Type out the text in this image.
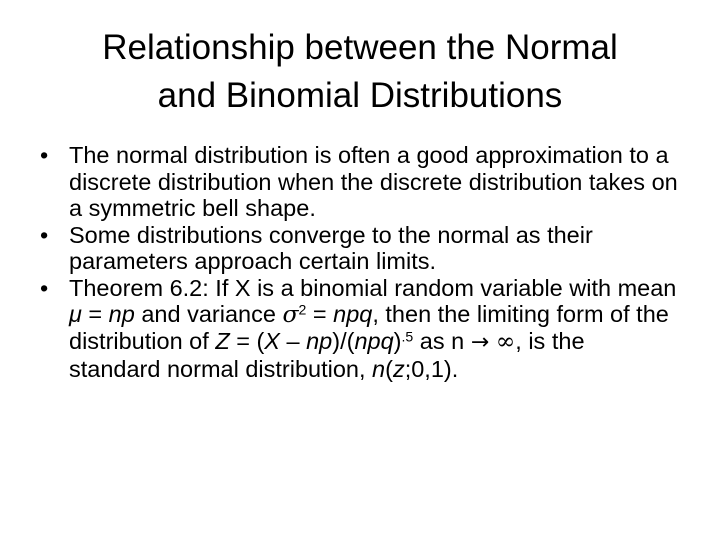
Relationship between the Normal
and Binomial Distributions
• The normal distribution is often a good approximation to a discrete distribution when the discrete distribution takes on a symmetric bell shape.
• Some distributions converge to the normal as their parameters approach certain limits.
• Theorem 6.2: If X is a binomial random variable with mean μ = np and variance $\sigma^2$ = npq, then the limiting form of the distribution of Z = (X – np)/(npq)$^{.5}$ as n → ∞, is the standard normal distribution, n(z;0,1).
